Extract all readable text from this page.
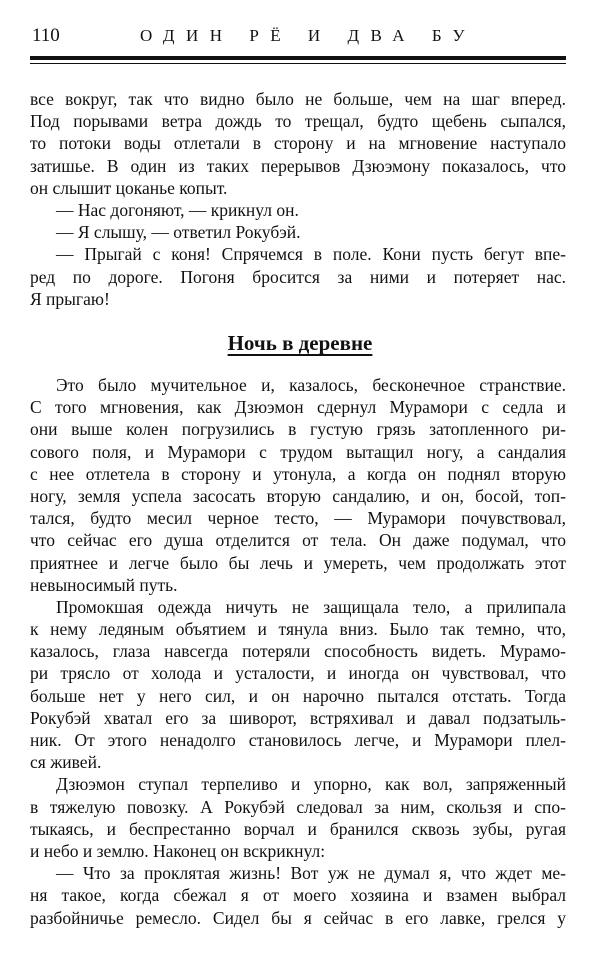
110	ОДИН РЁ И ДВА БУ
все вокруг, так что видно было не больше, чем на шаг вперед.
Под порывами ветра дождь то трещал, будто щебень сыпался,
то потоки воды отлетали в сторону и на мгновение наступало
затишье. В один из таких перерывов Дзюэмону показалось, что
он слышит цоканье копыт.
— Нас догоняют, — крикнул он.
— Я слышу, — ответил Рокубэй.
— Прыгай с коня! Спрячемся в поле. Кони пусть бегут впе-
ред по дороге. Погоня бросится за ними и потеряет нас.
Я прыгаю!
Ночь в деревне
Это было мучительное и, казалось, бесконечное странствие.
С того мгновения, как Дзюэмон сдернул Мурамори с седла и
они выше колен погрузились в густую грязь затопленного ри-
сового поля, и Мурамори с трудом вытащил ногу, а сандалия
с нее отлетела в сторону и утонула, а когда он поднял вторую
ногу, земля успела засосать вторую сандалию, и он, босой, топ-
тался, будто месил черное тесто, — Мурамори почувствовал,
что сейчас его душа отделится от тела. Он даже подумал, что
приятнее и легче было бы лечь и умереть, чем продолжать этот
невыносимый путь.
Промокшая одежда ничуть не защищала тело, а прилипала
к нему ледяным объятием и тянула вниз. Было так темно, что,
казалось, глаза навсегда потеряли способность видеть. Мурамо-
ри трясло от холода и усталости, и иногда он чувствовал, что
больше нет у него сил, и он нарочно пытался отстать. Тогда
Рокубэй хватал его за шиворот, встряхивал и давал подзатыль-
ник. От этого ненадолго становилось легче, и Мурамори плел-
ся живей.
Дзюэмон ступал терпеливо и упорно, как вол, запряженный
в тяжелую повозку. А Рокубэй следовал за ним, скользя и спо-
тыкаясь, и беспрестанно ворчал и бранился сквозь зубы, ругая
и небо и землю. Наконец он вскрикнул:
— Что за проклятая жизнь! Вот уж не думал я, что ждет ме-
ня такое, когда сбежал я от моего хозяина и взамен выбрал
разбойничье ремесло. Сидел бы я сейчас в его лавке, грелся у
